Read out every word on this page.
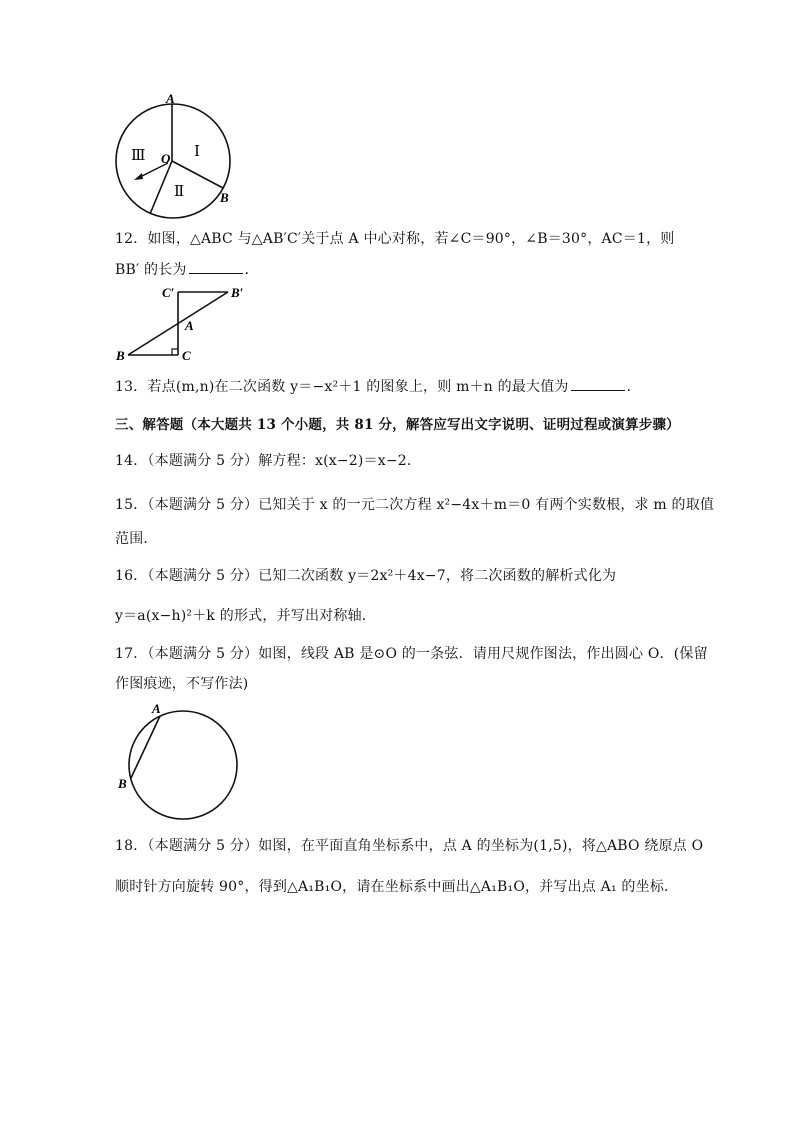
A
B
O Ⅰ
Ⅱ
Ⅲ
12．如图，△ABC 与△AB′C′关于点 A 中心对称，若∠C＝90°，∠B＝30°，AC＝1，则
BB′ 的长为	．
B	C
A
C′	B′
13．若点(m,n)在二次函数 y＝−x²＋1 的图象上，则 m＋n 的最大值为	．
三、解答题（本大题共 13 个小题，共 81 分，解答应写出文字说明、证明过程或演算步骤）
14．（本题满分 5 分）解方程：x(x−2)＝x−2．
15．（本题满分 5 分）已知关于 x 的一元二次方程 x²−4x＋m＝0 有两个实数根，求 m 的取值
范围．
16．（本题满分 5 分）已知二次函数 y＝2x²＋4x−7，将二次函数的解析式化为
y＝a(x−h)²＋k 的形式，并写出对称轴．
17．（本题满分 5 分）如图，线段 AB 是⊙O 的一条弦．请用尺规作图法，作出圆心 O．(保留
作图痕迹，不写作法)
A
B
18．（本题满分 5 分）如图，在平面直角坐标系中，点 A 的坐标为(1,5)，将△ABO 绕原点 O
顺时针方向旋转 90°，得到△A₁B₁O，请在坐标系中画出△A₁B₁O，并写出点 A₁ 的坐标．
